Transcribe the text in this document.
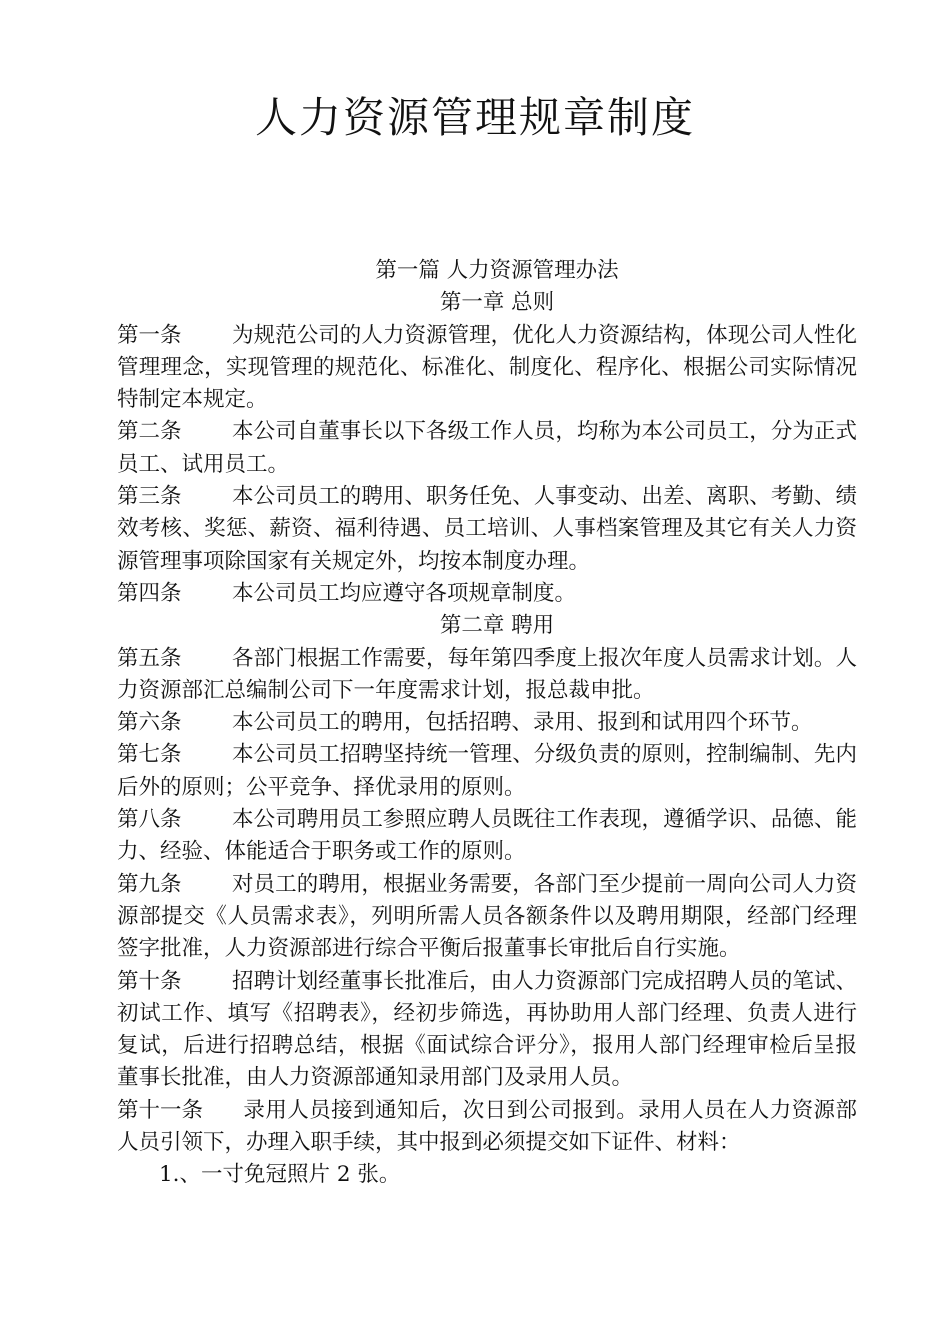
人力资源管理规章制度
第一篇 人力资源管理办法
第一章 总则

第一条 为规范公司的人力资源管理，优化人力资源结构，体现公司人性化管理理念，实现管理的规范化、标准化、制度化、程序化、根据公司实际情况特制定本规定。

第二条 本公司自董事长以下各级工作人员，均称为本公司员工，分为正式员工、试用员工。

第三条 本公司员工的聘用、职务任免、人事变动、出差、离职、考勤、绩效考核、奖惩、薪资、福利待遇、员工培训、人事档案管理及其它有关人力资源管理事项除国家有关规定外，均按本制度办理。

第四条 本公司员工均应遵守各项规章制度。

第二章 聘用

第五条 各部门根据工作需要，每年第四季度上报次年度人员需求计划。人力资源部汇总编制公司下一年度需求计划，报总裁申批。

第六条 本公司员工的聘用，包括招聘、录用、报到和试用四个环节。

第七条 本公司员工招聘坚持统一管理、分级负责的原则，控制编制、先内后外的原则；公平竞争、择优录用的原则。

第八条 本公司聘用员工参照应聘人员既往工作表现，遵循学识、品德、能力、经验、体能适合于职务或工作的原则。

第九条 对员工的聘用，根据业务需要，各部门至少提前一周向公司人力资源部提交《人员需求表》，列明所需人员各额条件以及聘用期限，经部门经理签字批准，人力资源部进行综合平衡后报董事长审批后自行实施。

第十条 招聘计划经董事长批准后，由人力资源部门完成招聘人员的笔试、初试工作、填写《招聘表》，经初步筛选，再协助用人部门经理、负责人进行复试，后进行招聘总结，根据《面试综合评分》，报用人部门经理审检后呈报董事长批准，由人力资源部通知录用部门及录用人员。

第十一条 录用人员接到通知后，次日到公司报到。录用人员在人力资源部人员引领下，办理入职手续，其中报到必须提交如下证件、材料：

1.、一寸免冠照片 2 张。
